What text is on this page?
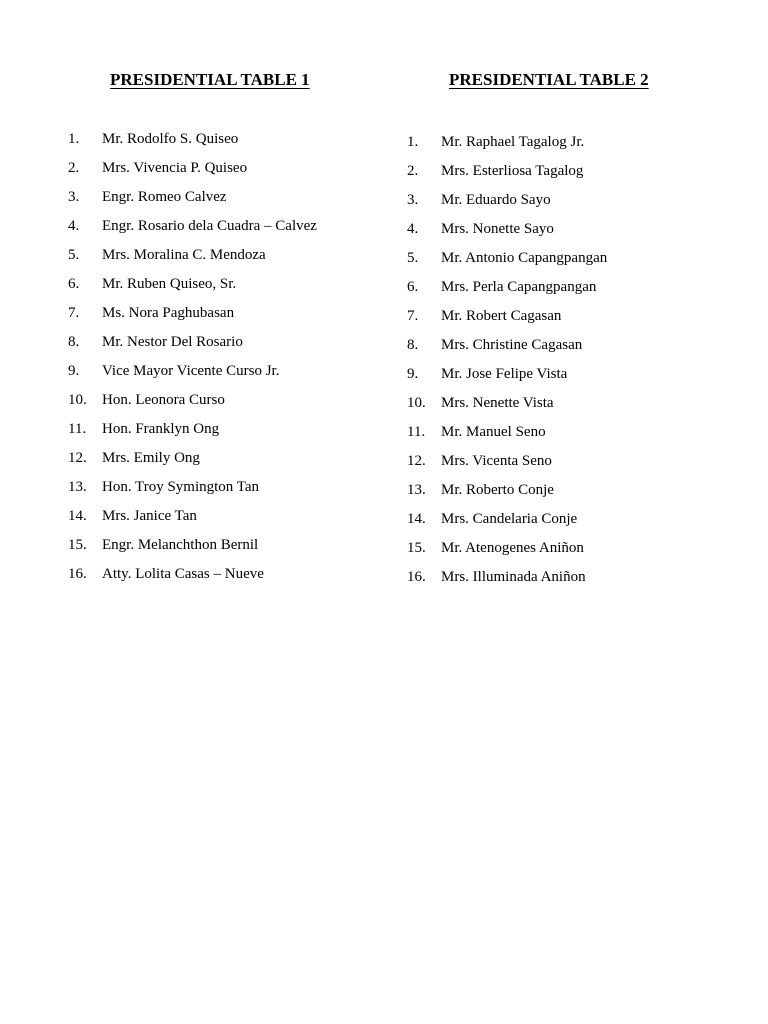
PRESIDENTIAL TABLE 1
1.	Mr. Rodolfo S. Quiseo
2.	Mrs. Vivencia P. Quiseo
3.	Engr. Romeo Calvez
4.	Engr. Rosario dela Cuadra – Calvez
5.	Mrs. Moralina C. Mendoza
6.	Mr. Ruben Quiseo, Sr.
7.	Ms. Nora Paghubasan
8.	Mr. Nestor Del Rosario
9.	Vice Mayor Vicente Curso Jr.
10.	Hon. Leonora Curso
11.	Hon. Franklyn Ong
12.	Mrs. Emily Ong
13.	Hon. Troy Symington Tan
14.	Mrs. Janice Tan
15.	Engr. Melanchthon Bernil
16.	Atty. Lolita Casas – Nueve
PRESIDENTIAL TABLE 2
1.	Mr. Raphael Tagalog Jr.
2.	Mrs. Esterliosa Tagalog
3.	Mr. Eduardo Sayo
4.	Mrs. Nonette Sayo
5.	Mr. Antonio Capangpangan
6.	Mrs. Perla Capangpangan
7.	Mr. Robert Cagasan
8.	Mrs. Christine Cagasan
9.	Mr. Jose Felipe Vista
10.	Mrs. Nenette Vista
11.	Mr. Manuel Seno
12.	Mrs. Vicenta Seno
13.	Mr. Roberto Conje
14.	Mrs. Candelaria Conje
15.	Mr. Atenogenes Aniñon
16.	Mrs. Illuminada Aniñon
